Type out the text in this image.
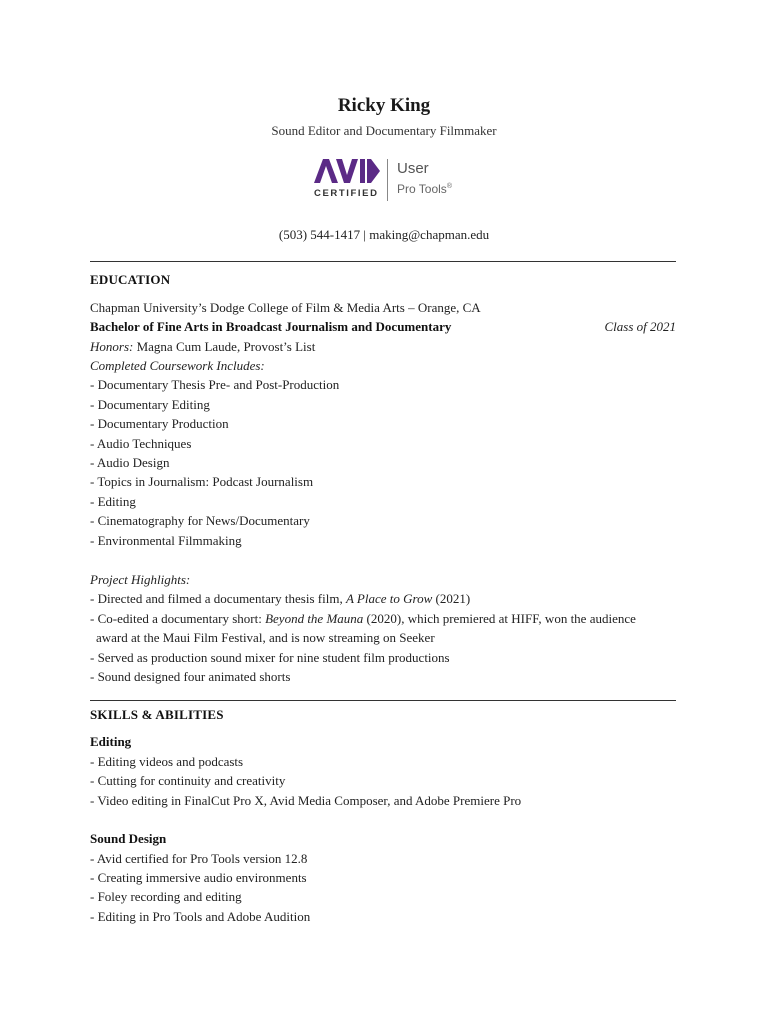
Ricky King
Sound Editor and Documentary Filmmaker
CERTIFIED
User
Pro Tools®
(503) 544-1417 | making@chapman.edu
EDUCATION
Chapman University’s Dodge College of Film & Media Arts – Orange, CA
Bachelor of Fine Arts in Broadcast Journalism and Documentary	Class of 2021
Honors: Magna Cum Laude, Provost’s List
Completed Coursework Includes:
- Documentary Thesis Pre- and Post-Production
- Documentary Editing
- Documentary Production
- Audio Techniques
- Audio Design
- Topics in Journalism: Podcast Journalism
- Editing
- Cinematography for News/Documentary
- Environmental Filmmaking
Project Highlights:
- Directed and filmed a documentary thesis film, A Place to Grow (2021)
- Co-edited a documentary short: Beyond the Mauna (2020), which premiered at HIFF, won the audience
award at the Maui Film Festival, and is now streaming on Seeker
- Served as production sound mixer for nine student film productions
- Sound designed four animated shorts
SKILLS & ABILITIES
Editing
- Editing videos and podcasts
- Cutting for continuity and creativity
- Video editing in FinalCut Pro X, Avid Media Composer, and Adobe Premiere Pro
Sound Design
- Avid certified for Pro Tools version 12.8
- Creating immersive audio environments
- Foley recording and editing
- Editing in Pro Tools and Adobe Audition
